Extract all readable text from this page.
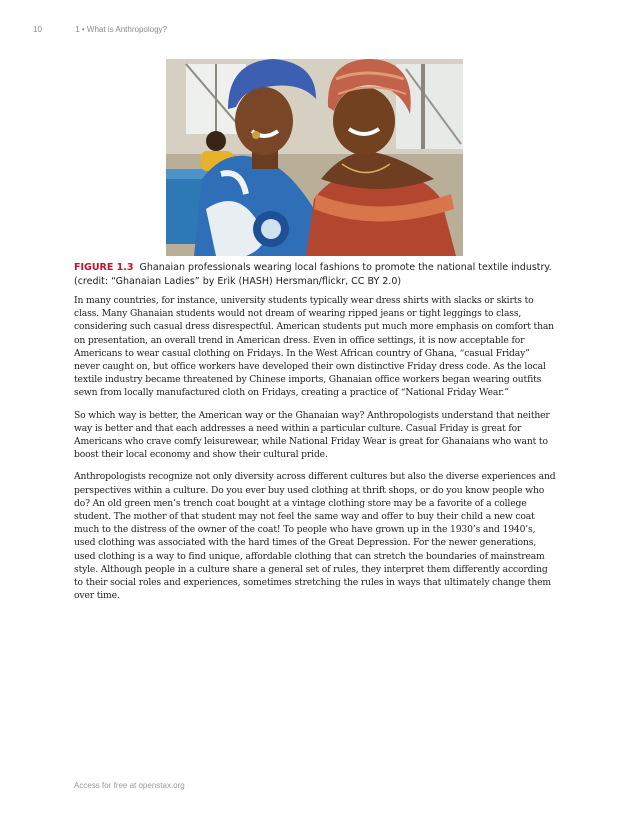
10	1 • What is Anthropology?

FIGURE 1.3 Ghanaian professionals wearing local fashions to promote the national textile industry. (credit: “Ghanaian Ladies” by Erik (HASH) Hersman/flickr, CC BY 2.0)

In many countries, for instance, university students typically wear dress shirts with slacks or skirts to class. Many Ghanaian students would not dream of wearing ripped jeans or tight leggings to class, considering such casual dress disrespectful. American students put much more emphasis on comfort than on presentation, an overall trend in American dress. Even in office settings, it is now acceptable for Americans to wear casual clothing on Fridays. In the West African country of Ghana, “casual Friday” never caught on, but office workers have developed their own distinctive Friday dress code. As the local textile industry became threatened by Chinese imports, Ghanaian office workers began wearing outfits sewn from locally manufactured cloth on Fridays, creating a practice of “National Friday Wear.”

So which way is better, the American way or the Ghanaian way? Anthropologists understand that neither way is better and that each addresses a need within a particular culture. Casual Friday is great for Americans who crave comfy leisurewear, while National Friday Wear is great for Ghanaians who want to boost their local economy and show their cultural pride.

Anthropologists recognize not only diversity across different cultures but also the diverse experiences and perspectives within a culture. Do you ever buy used clothing at thrift shops, or do you know people who do? An old green men’s trench coat bought at a vintage clothing store may be a favorite of a college student. The mother of that student may not feel the same way and offer to buy their child a new coat much to the distress of the owner of the coat! To people who have grown up in the 1930’s and 1940’s, used clothing was associated with the hard times of the Great Depression. For the newer generations, used clothing is a way to find unique, affordable clothing that can stretch the boundaries of mainstream style. Although people in a culture share a general set of rules, they interpret them differently according to their social roles and experiences, sometimes stretching the rules in ways that ultimately change them over time.

Access for free at openstax.org
